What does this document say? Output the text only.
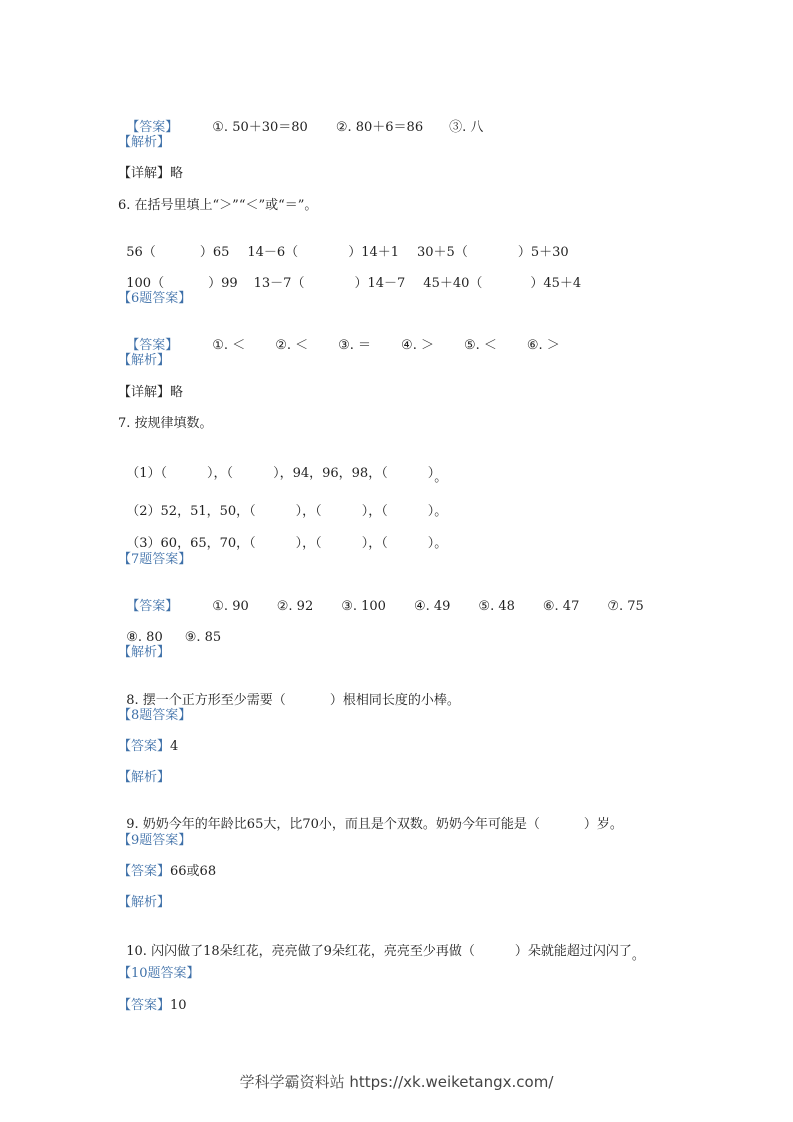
【答案】	①. 50＋30＝80 ②. 80＋6＝86 ③. 八

【解析】
【详解】略
6. 在括号里填上“＞”“＜”或“＝”。

56（	）65 14－6（	）14＋1 30＋5（	）5＋30

100（	）99 13－7（	）14－7 45＋40（	）45＋4

【6题答案】

【答案】	①. ＜ ②. ＜ ③. ＝ ④. ＞ ⑤. ＜ ⑥. ＞

【解析】
【详解】略
7. 按规律填数。

（1）（	），（	），94，96，98，（	）。

（2）52，51，50，（	），（	），（	）。

（3）60，65，70，（	），（	），（	）。

【7题答案】

【答案】	①. 90 ②. 92 ③. 100 ④. 49 ⑤. 48 ⑥. 47 ⑦. 75

⑧. 80 ⑨. 85

【解析】

8. 摆一个正方形至少需要（	）根相同长度的小棒。

【8题答案】
【答案】4
【解析】

9. 奶奶今年的年龄比65大，比70小，而且是个双数。奶奶今年可能是（	）岁。

【9题答案】
【答案】66或68
【解析】

10. 闪闪做了18朵红花，亮亮做了9朵红花，亮亮至少再做（	）朵就能超过闪闪了。

【10题答案】
【答案】10
学科学霸资料站 https://xk.weiketangx.com/
